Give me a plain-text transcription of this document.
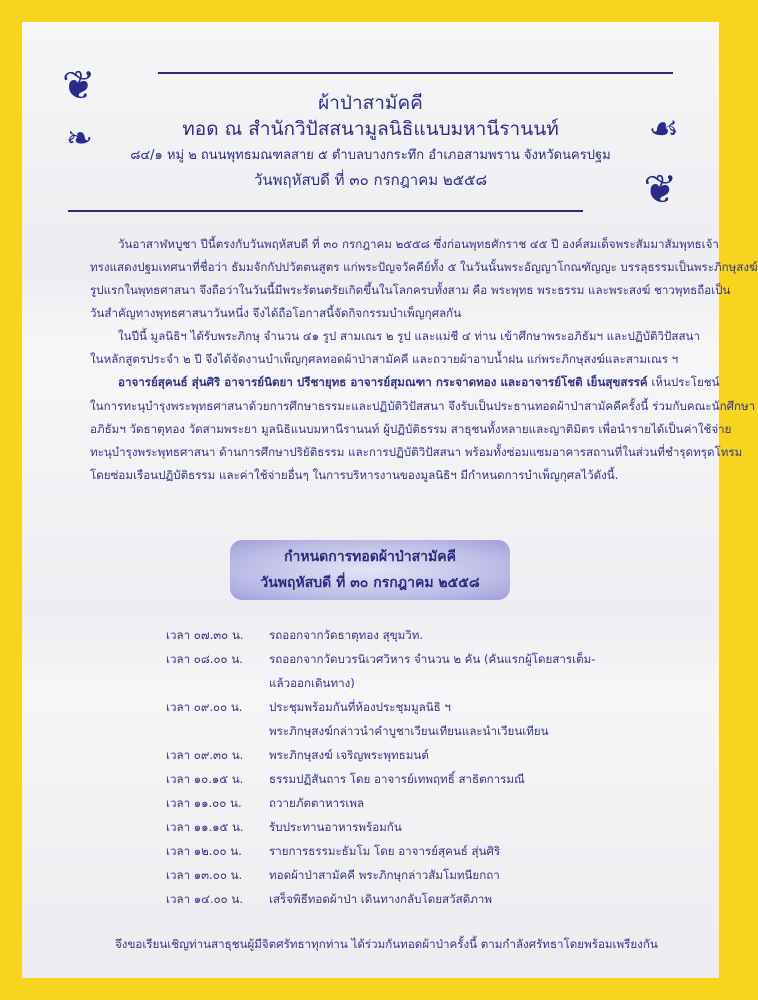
❦
❧	☙
❦
ผ้าป่าสามัคคี
ทอด ณ สำนักวิปัสสนามูลนิธิแนบมหานีรานนท์
๘๔/๑ หมู่ ๒ ถนนพุทธมณฑลสาย ๕ ตำบลบางกระทึก อำเภอสามพราน จังหวัดนครปฐม
วันพฤหัสบดี ที่ ๓๐ กรกฎาคม ๒๕๕๘
วันอาสาฬหบูชา ปีนี้ตรงกับวันพฤหัสบดี ที่ ๓๐ กรกฎาคม ๒๕๕๘ ซึ่งก่อนพุทธศักราช ๔๕ ปี องค์สมเด็จพระสัมมาสัมพุทธเจ้า
ทรงแสดงปฐมเทศนาที่ชื่อว่า ธัมมจักกัปปวัตตนสูตร แก่พระปัญจวัคคีย์ทั้ง ๕ ในวันนั้นพระอัญญาโกณฑัญญะ บรรลุธรรมเป็นพระภิกษุสงฆ์
รูปแรกในพุทธศาสนา จึงถือว่าในวันนี้มีพระรัตนตรัยเกิดขึ้นในโลกครบทั้งสาม คือ พระพุทธ พระธรรม และพระสงฆ์ ชาวพุทธถือเป็น
วันสำคัญทางพุทธศาสนาวันหนึ่ง จึงได้ถือโอกาสนี้จัดกิจกรรมบำเพ็ญกุศลกัน
ในปีนี้ มูลนิธิฯ ได้รับพระภิกษุ จำนวน ๔๑ รูป สามเณร ๒ รูป และแม่ชี ๔ ท่าน เข้าศึกษาพระอภิธัมฯ และปฏิบัติวิปัสสนา
ในหลักสูตรประจำ ๒ ปี จึงได้จัดงานบำเพ็ญกุศลทอดผ้าป่าสามัคคี และถวายผ้าอาบน้ำฝน แก่พระภิกษุสงฆ์และสามเณร ฯ
อาจารย์สุคนธ์ สุ่นศิริ อาจารย์นิตยา ปรีชายุทธ อาจารย์สุมณฑา กระจาดทอง และอาจารย์โชติ เย็นสุขสรรค์ เห็นประโยชน์
ในการทะนุบำรุงพระพุทธศาสนาด้วยการศึกษาธรรมะและปฏิบัติวิปัสสนา จึงรับเป็นประธานทอดผ้าป่าสามัคคีครั้งนี้ ร่วมกับคณะนักศึกษา
อภิธัมฯ วัดธาตุทอง วัดสามพระยา มูลนิธิแนบมหานีรานนท์ ผู้ปฏิบัติธรรม สาธุชนทั้งหลายและญาติมิตร เพื่อนำรายได้เป็นค่าใช้จ่าย
ทะนุบำรุงพระพุทธศาสนา ด้านการศึกษาปริยัติธรรม และการปฏิบัติวิปัสสนา พร้อมทั้งซ่อมแซมอาคารสถานที่ในส่วนที่ชำรุดทรุดโทรม
โดยซ่อมเรือนปฏิบัติธรรม และค่าใช้จ่ายอื่นๆ ในการบริหารงานของมูลนิธิฯ มีกำหนดการบำเพ็ญกุศลไว้ดังนี้.
กำหนดการทอดผ้าป่าสามัคคี
วันพฤหัสบดี ที่ ๓๐ กรกฎาคม ๒๕๕๘
เวลา ๐๗.๓๐ น. รถออกจากวัดธาตุทอง สุขุมวิท.
เวลา ๐๘.๐๐ น. รถออกจากวัดบวรนิเวศวิหาร จำนวน ๒ คัน (คันแรกผู้โดยสารเต็ม-
แล้วออกเดินทาง)
เวลา ๐๙.๐๐ น. ประชุมพร้อมกันที่ห้องประชุมมูลนิธิ ฯ
พระภิกษุสงฆ์กล่าวนำคำบูชาเวียนเทียนและนำเวียนเทียน
เวลา ๐๙.๓๐ น. พระภิกษุสงฆ์ เจริญพระพุทธมนต์
เวลา ๑๐.๑๕ น. ธรรมปฏิสันถาร โดย อาจารย์เทพฤทธิ์ สาธิตการมณี
เวลา ๑๑.๐๐ น. ถวายภัตตาหารเพล
เวลา ๑๑.๑๕ น. รับประทานอาหารพร้อมกัน
เวลา ๑๒.๐๐ น. รายการธรรมะธัมโม โดย อาจารย์สุคนธ์ สุ่นศิริ
เวลา ๑๓.๐๐ น. ทอดผ้าป่าสามัคคี พระภิกษุกล่าวสัมโมทนียกถา
เวลา ๑๔.๐๐ น. เสร็จพิธีทอดผ้าป่า เดินทางกลับโดยสวัสดิภาพ
จึงขอเรียนเชิญท่านสาธุชนผู้มีจิตศรัทธาทุกท่าน ได้ร่วมกันทอดผ้าป่าครั้งนี้ ตามกำลังศรัทธาโดยพร้อมเพรียงกัน
